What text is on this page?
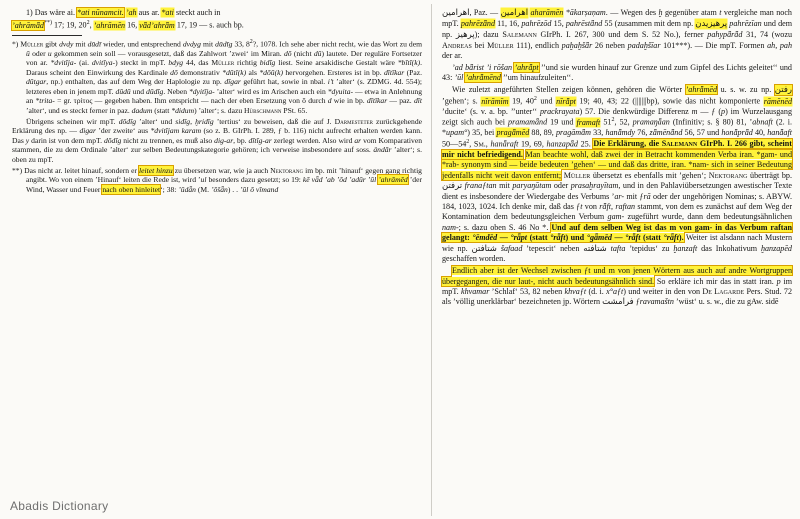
1) Das wäre ai. *ati nūnamcit. ’ah aus ar. *ati steckt auch in

’ahrāmǟd**) 17; 19, $20^2$, ’ahrāmēn 16, vǟd’ahrǟm 17, 19 — s. auch bp.

*) Müller gibt dvdy mit dūdī wieder, und entsprechend dvdyg mit dūdīg 33, $8^2$?, 1078. Ich sehe aber nicht recht, wie das Wort zu dem ū oder u gekommen sein soll — vorausgesetzt, daß das Zahlwort ’zwei‘ im Miran. dō (nicht dū) lautete. Der reguläre Fortsetzer von ar. *dvitīja- (ai. dvitīya-) steckt in mpT. bdyg 44, das Müller richtig bidīg liest. Seine arsakidische Gestalt wäre *bītī(k). Daraus scheint den Einwirkung des Kardinale dō demonstrativ *dūtī(k) als *dōū(k) hervorgehen. Ersteres ist in bp. dītīkar (Paz. dūtgar, np.) enthalten, das auf dem Weg der Haplologie zu np. dīgar geführt hat, sowie in nbal. i’t ’alter‘ (s. ZDMG. 4d. 554); letzteres eben in jenem mpT. dūdū und dūdīg. Neben *dyitīja- ’alter‘ wird es im Arischen auch ein *dyuita- — etwa in Anlehnung an *trita- = gr. τρίτος — gegeben haben. Ihm entspricht — nach der eben Ersetzung von ō durch d wie in bp. dītīkar — paz. dīt ’alter‘, und es steckt ferner in paz. dadum (statt *didum) ’alter‘; s. dazu Hübschmann PSt. 65.

Übrigens scheinen wir mpT. dōdīg ’alter‘ und sidīg, ḫridīg ’tertius‘ zu beweisen, daß die auf J. Darmesteter zurückgehende Erklärung des np. — digar ’der zweite‘ aus *dvitījam karam (so z. B. GIrPh. I. 289, ƒ b. 116) nicht aufrecht erhalten werden kann. Das y darin ist von dem mpT. dōdīg nicht zu trennen, es muß also dig-ar, bp. dītīg-ar zerlegt werden. Also wird ar vom Komparativen stammen, die zu dem Ordinale ’alter‘ zur selben Bedeutungskategorie gehören; ich verweise insbesondere auf soss. ändār ’alter‘; s. oben zu mpT.

**) Das nicht ar. leitet hinauf, sondern er leitet hinzu zu übersetzen war, wie ja auch Nektorang im bp. mit ’hinauf‘ gegen gang richtig angibt. Wo von einem ’Hinauf‘ leiten die Rede ist, wird ’ul besonders dazu gesetzt; so 19: kē vǟd ’ab ’ōd ’adūr ’ūl ’ahrāmēd ’der Wind, Wasser und Feuer nach oben hinleitet‘; 38: ’ūdǟn (M. ’ōšǟn) . . ’ūl ō vīmand

اهرامين, Paz. — اهرامين aharāmēn *ākarṣaṇam. — Wegen des ḫ gegenüber atam t vergleiche man noch mpT. pahrēzǟnd 11, 16, pahrēzōd 15, pahrēstǟnd 55 (zusammen mit dem np. پرهيزيدن pahrēzīan und dem np. پرهيز); dazu Salemann GIrPh. I. 267, 300 und dem S. 52 No.), ferner pahypǟrǟd 31, 74 (wozu Andreas bei Müller 111), endlich paḫaḫšǟr 26 neben padaḫšīar 101***). — Die mpT. Formen ah, pah der ar.

’ad bǟrist ’i rōšan ’ahrǟpt ’’und sie wurden hinauf zur Grenze und zum Gipfel des Lichts geleitet‘‘ und 43: ’ūl ’ahrǟmēnd ’’um hinaufzuleiten‘‘.

Wie zuletzt angeführten Stellen zeigen können, gehören die Wörter ’ahrǟmēd u. s. w. zu np. رفتن ’gehen‘; s. nīrāmīm 19, $40^2$ und nīrǟpt 19; 40, 43; 22 (|||||||bp), sowie das nicht komponierte rāmēnēd ’ducite‘ (s. v. a. bp. ’’unter‘‘ prackrayata) 57. Die denkwürdige Differenz m — ƒ (p) im Wurzelausgang zeigt sich auch bei pramamǟnd 19 und framaft $51^2$, 52, pramaŋǟan (Infinitiv; s. § 80) 81, ’abnaft (2. i. *upam°) 35, bei pragǟmēd 88, 89, pragāmǟm 33, hanǟmdy 76, zǟmēnǟnd 56, 57 und honǟprǟd 40, hanǟaft $50—54^2$, Sm., hanǟraft 19, 69, hanzapǟd 25. Die Erklärung, die Salemann GIrPh. I. 266 gibt, scheint mir nicht befriedigend. Man beachte wohl, daß zwei der in Betracht kommenden Verba iran. *gam- und *rab- synonym sind — beide bedeuten ’gehen‘ — und daß das dritte, iran. *nam- sich in seiner Bedeutung jedenfalls nicht weit davon entfernt; Müller übersetzt es ebenfalls mit ’gehen‘; Nektorang überträgt bp. ترفتن franaƒtan mit paryaŋūtam oder prasaḫrayītam, und in den Pahlaviübersetzungen awestischer Texte dient es insbesondere der Wiedergabe des Verbums ’ar- mit ƒrā oder der ungehörigen Nominas; s. ABYW. 184, 1023, 1024. Ich denke mir, daß das ƒt von rǟft, raftan stammt, von dem es zunächst auf dem Weg der Kontamination dem bedeutungsgleichen Verbum gam- zugeführt wurde, dann dem bedeutungsähnlichen nam-; s. dazu oben S. 46 No *. Und auf dem selben Weg ist das m von gam- in das Verbum raftan gelangt: °ēmdēd — °rǟpt (statt °rǟft) und °gǟmēd — °rǟft (statt °rǟft). Weiter ist alsdann nach Mustern wie np. شتافتن šafaad ’tepescit‘ neben شتافته tafta ’tepidus‘ zu ḫanzaft das Inkohativum ḫanzapēd geschaffen worden.

Endlich aber ist der Wechsel zwischen ƒt und m von jenen Wörtern aus auch auf andre Wortgruppen übergegangen, die nur laut-, nicht auch bedeutungsähnlich sind. So erkläre ich mir das in statt iran. p im mpT. khvamar ’Schlaf‘ 53, 82 neben khvaƒt (d. i. x°aƒt) und weiter in den von De Lagarde Pers. Stud. 72 als ’völlig unerklärbar‘ bezeichneten jp. Wörtern فرامشت ƒravamaštn ’wüst‘ u. s. w., die zu gAw. sidē

Abadis Dictionary
